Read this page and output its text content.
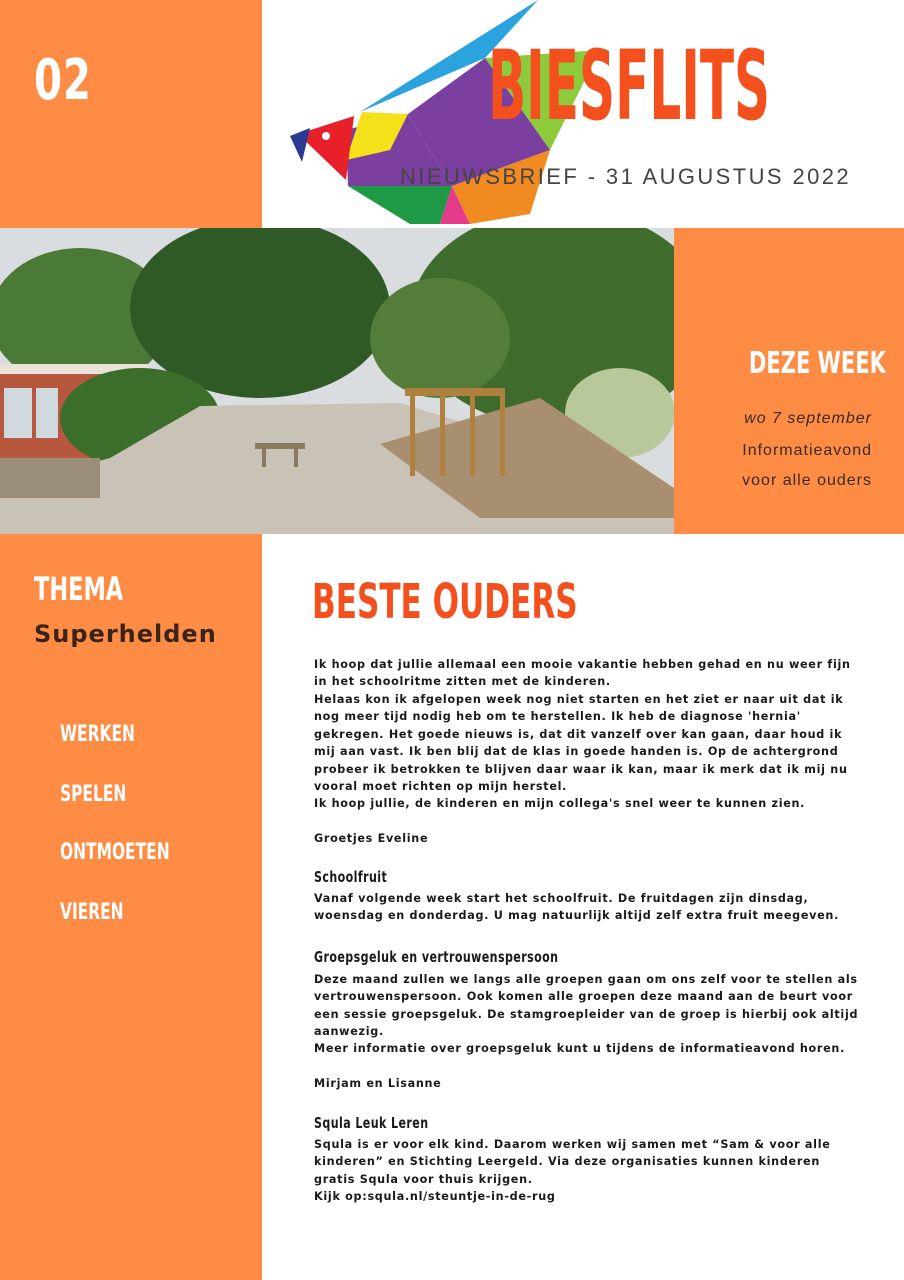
02	BIESFLITS
NIEUWSBRIEF - 31 AUGUSTUS 2022
DEZE WEEK
wo 7 september
Informatieavond
voor alle ouders
THEMA
Superhelden
WERKEN
SPELEN
ONTMOETEN
VIEREN
BESTE OUDERS

Ik hoop dat jullie allemaal een mooie vakantie hebben gehad en nu weer fijn in het schoolritme zitten met de kinderen.

Helaas kon ik afgelopen week nog niet starten en het ziet er naar uit dat ik nog meer tijd nodig heb om te herstellen. Ik heb de diagnose 'hernia' gekregen. Het goede nieuws is, dat dit vanzelf over kan gaan, daar houd ik mij aan vast. Ik ben blij dat de klas in goede handen is. Op de achtergrond probeer ik betrokken te blijven daar waar ik kan, maar ik merk dat ik mij nu vooral moet richten op mijn herstel.

Ik hoop jullie, de kinderen en mijn collega's snel weer te kunnen zien.

Groetjes Eveline

Schoolfruit

Vanaf volgende week start het schoolfruit. De fruitdagen zijn dinsdag, woensdag en donderdag. U mag natuurlijk altijd zelf extra fruit meegeven.

Groepsgeluk en vertrouwenspersoon

Deze maand zullen we langs alle groepen gaan om ons zelf voor te stellen als vertrouwenspersoon. Ook komen alle groepen deze maand aan de beurt voor een sessie groepsgeluk. De stamgroepleider van de groep is hierbij ook altijd aanwezig.

Meer informatie over groepsgeluk kunt u tijdens de informatieavond horen.

Mirjam en Lisanne

Squla Leuk Leren

Squla is er voor elk kind. Daarom werken wij samen met “Sam & voor alle kinderen” en Stichting Leergeld. Via deze organisaties kunnen kinderen gratis Squla voor thuis krijgen.

Kijk op:squla.nl/steuntje-in-de-rug
